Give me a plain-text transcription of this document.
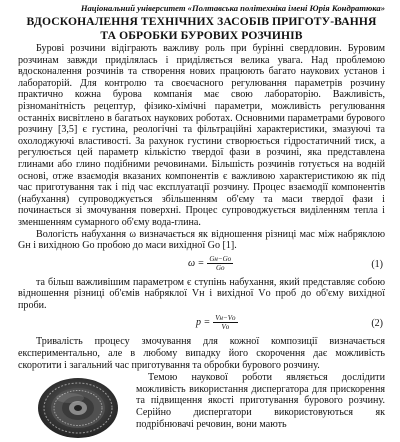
Національний університет «Полтавська політехніка імені Юрія Кондратюка»
ВДОСКОНАЛЕННЯ ТЕХНІЧНИХ ЗАСОБІВ ПРИГОТУ-ВАННЯ ТА ОБРОБКИ БУРОВИХ РОЗЧИНІВ

Бурові розчини відіграють важливу роль при бурінні свердловин. Буровим розчинам завжди приділялась і приділяється велика увага. Над проблемою вдосконалення розчинів та створення нових працюють багато наукових установ і лабораторій. Для контролю та своєчасного регулювання параметрів розчину практично кожна бурова компанія має свою лабораторію. Важливість, різноманітність рецептур, фізико-хімічні параметри, можливість регулювання останніх висвітлено в багатьох наукових роботах. Основними параметрами бурового розчину [3,5] є густина, реологічні та фільтраційні характеристики, змазуючі та охолоджуючі властивості. За рахунок густини створюється гідростатичний тиск, а регулюється цей параметр кількістю твердої фази в розчині, яка представлена глинами або глино подібними речовинами. Більшість розчинів готується на водній основі, отже взаємодія вказаних компонентів є важливою характеристикою як під час приготування так і під час експлуатації розчину. Процес взаємодії компонентів (набухання) супроводжується збільшенням об'єму та маси твердої фази і починається зі змочування поверхні. Процес супроводжується виділенням тепла і зменшенням сумарного об'єму вода-глина.

Вологість набухання ω визначається як відношення різниці мас між набряклою Gн і вихідною Gо пробою до маси вихідної Gо [1].

$\omega = \frac{Gн-Gо}{Gо}$	(1)

та більш важливішим параметром є ступінь набухання, який представляє собою відношення різниці об'ємів набряклої Vн і вихідної Vо проб до об'єму вихідної проби.

$p = \frac{Vн-Vо}{Vо}$	(2)

Тривалість процесу змочування для кожної композиції визначається експериментально, але в любому випадку його скорочення дає можливість скоротити і загальний час приготування та обробки бурового розчину.

Темою наукової роботи являється дослідити можливість використання диспергатора для прискорення та підвищення якості приготування бурового розчину. Серійно диспергатори використовуються як подрібнювачі речовин, вони мають
